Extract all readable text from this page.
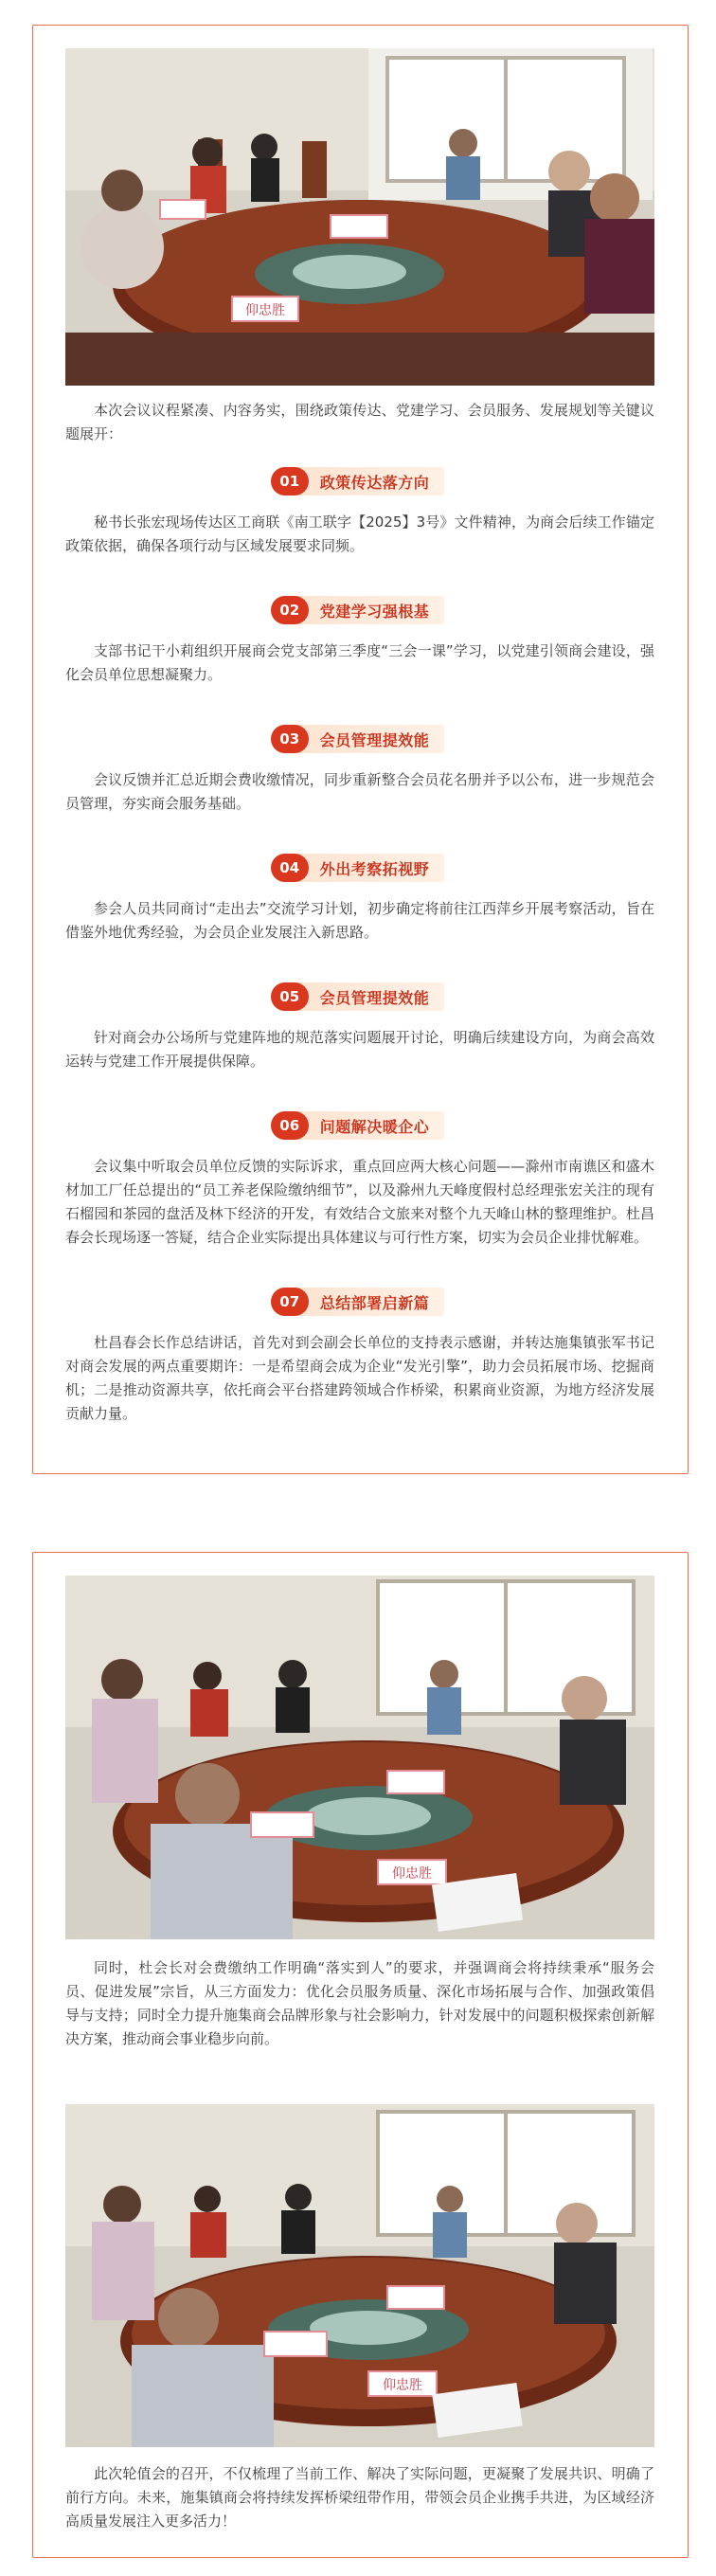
仰忠胜

本次会议议程紧凑、内容务实，围绕政策传达、党建学习、会员服务、发展规划等关键议题展开：

01	政策传达落方向

秘书长张宏现场传达区工商联《南工联字【2025】3号》文件精神，为商会后续工作锚定政策依据，确保各项行动与区域发展要求同频。

02	党建学习强根基

支部书记干小莉组织开展商会党支部第三季度“三会一课”学习，以党建引领商会建设，强化会员单位思想凝聚力。

03	会员管理提效能

会议反馈并汇总近期会费收缴情况，同步重新整合会员花名册并予以公布，进一步规范会员管理，夯实商会服务基础。

04	外出考察拓视野

参会人员共同商讨“走出去”交流学习计划，初步确定将前往江西萍乡开展考察活动，旨在借鉴外地优秀经验，为会员企业发展注入新思路。

05	会员管理提效能

针对商会办公场所与党建阵地的规范落实问题展开讨论，明确后续建设方向，为商会高效运转与党建工作开展提供保障。

06	问题解决暖企心

会议集中听取会员单位反馈的实际诉求，重点回应两大核心问题——滁州市南谯区和盛木材加工厂任总提出的“员工养老保险缴纳细节”，以及滁州九天峰度假村总经理张宏关注的现有石榴园和茶园的盘活及林下经济的开发，有效结合文旅来对整个九天峰山林的整理维护。杜昌春会长现场逐一答疑，结合企业实际提出具体建议与可行性方案，切实为会员企业排忧解难。

07	总结部署启新篇

杜昌春会长作总结讲话，首先对到会副会长单位的支持表示感谢，并转达施集镇张军书记对商会发展的两点重要期许：一是希望商会成为企业“发光引擎”，助力会员拓展市场、挖掘商机；二是推动资源共享，依托商会平台搭建跨领域合作桥梁，积累商业资源，为地方经济发展贡献力量。

仰忠胜

同时，杜会长对会费缴纳工作明确“落实到人”的要求，并强调商会将持续秉承“服务会员、促进发展”宗旨，从三方面发力：优化会员服务质量、深化市场拓展与合作、加强政策倡导与支持；同时全力提升施集商会品牌形象与社会影响力，针对发展中的问题积极探索创新解决方案，推动商会事业稳步向前。

仰忠胜

此次轮值会的召开，不仅梳理了当前工作、解决了实际问题，更凝聚了发展共识、明确了前行方向。未来，施集镇商会将持续发挥桥梁纽带作用，带领会员企业携手共进，为区域经济高质量发展注入更多活力！
